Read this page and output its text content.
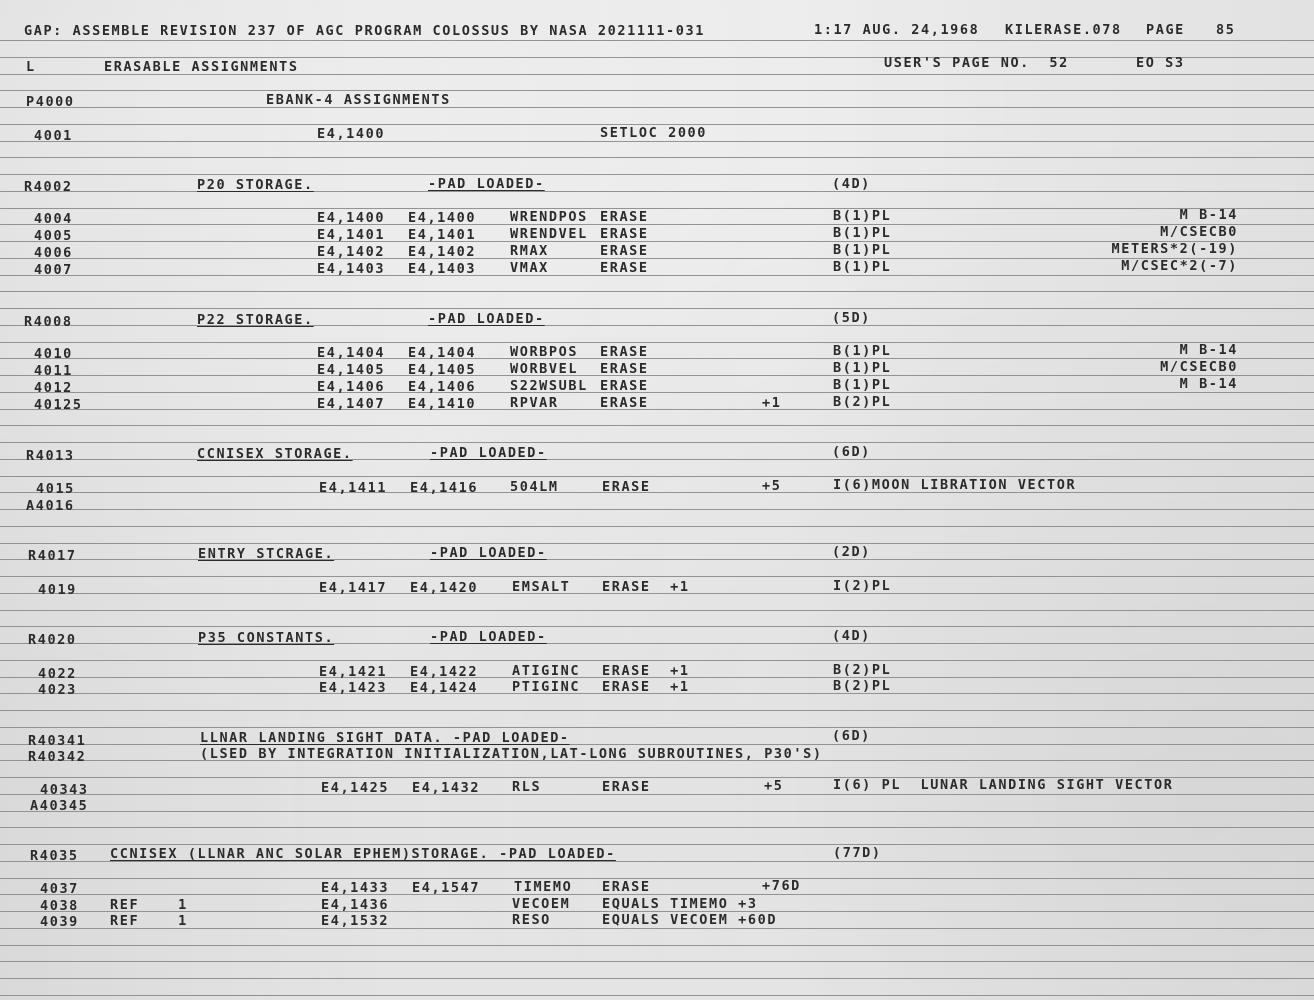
GAP: ASSEMBLE REVISION 237 OF AGC PROGRAM COLOSSUS BY NASA 2021111-031	1:17 AUG. 24,1968 KILERASE.078 PAGE 85
L	ERASABLE ASSIGNMENTS	USER'S PAGE NO.  52	EO S3
P4000	EBANK-4 ASSIGNMENTS
4001	E4,1400	SETLOC 2000
R4002	P20 STORAGE.	-PAD LOADED-	(4D)
4004	E4,1400 E4,1400	WRENDPOS ERASE	B(1)PL	M B-14
4005	E4,1401 E4,1401	WRENDVEL ERASE	B(1)PL	M/CSECB0
4006	E4,1402 E4,1402	RMAX	ERASE	B(1)PL	METERS*2(-19)
4007	E4,1403 E4,1403	VMAX	ERASE	B(1)PL	M/CSEC*2(-7)
R4008	P22 STORAGE.	-PAD LOADED-	(5D)
4010	E4,1404 E4,1404	WORBPOS ERASE	B(1)PL	M B-14
4011	E4,1405 E4,1405	WORBVEL ERASE	B(1)PL	M/CSECB0
4012	E4,1406 E4,1406	S22WSUBL ERASE	B(1)PL	M B-14
40125	E4,1407 E4,1410	RPVAR	ERASE	+1	B(2)PL
R4013	CCNISEX STORAGE.	-PAD LOADED-	(6D)
4015	E4,1411 E4,1416 504LM	ERASE	+5	I(6)MOON LIBRATION VECTOR
A4016
R4017	ENTRY STCRAGE.	-PAD LOADED-	(2D)
4019	E4,1417 E4,1420	EMSALT ERASE  +1	I(2)PL
R4020	P35 CONSTANTS.	-PAD LOADED-	(4D)
4022	E4,1421 E4,1422	ATIGINC ERASE  +1	B(2)PL
4023	E4,1423 E4,1424	PTIGINC ERASE  +1	B(2)PL
R40341	LLNAR LANDING SIGHT DATA. -PAD LOADED-	(6D)
R40342	(LSED BY INTEGRATION INITIALIZATION,LAT-LONG SUBROUTINES, P30'S)
40343	E4,1425 E4,1432 RLS	ERASE	+5	I(6) PL  LUNAR LANDING SIGHT VECTOR
A40345
R4035 CCNISEX (LLNAR ANC SOLAR EPHEM)STORAGE. -PAD LOADED-	(77D)
4037	E4,1433 E4,1547	TIMEMO ERASE	+76D
4038 REF    1	E4,1436	VECOEM EQUALS TIMEMO +3
4039 REF    1	E4,1532	RESO	EQUALS VECOEM +60D
